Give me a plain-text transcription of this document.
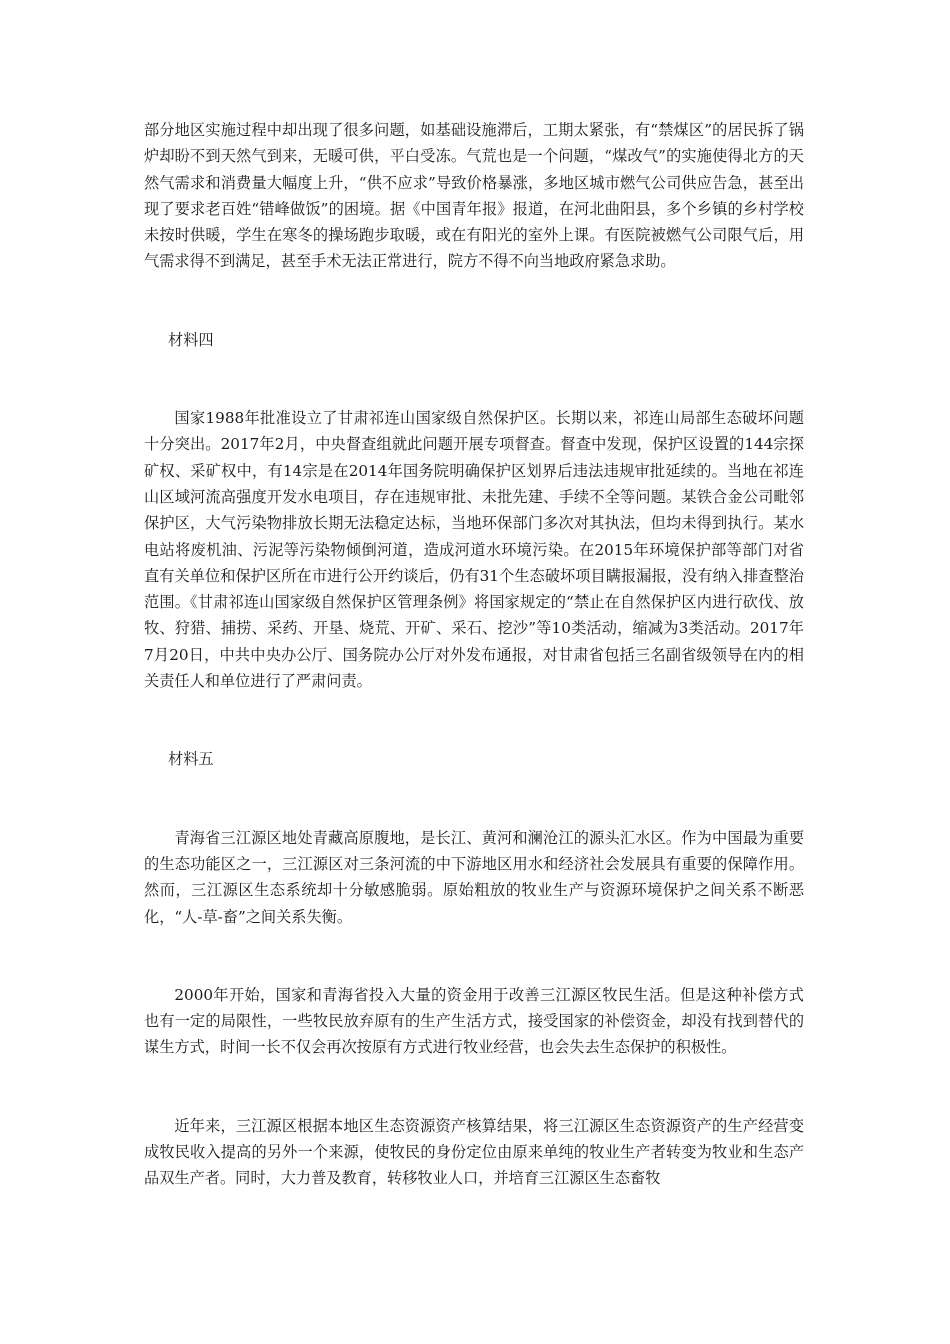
部分地区实施过程中却出现了很多问题，如基础设施滞后，工期太紧张，有“禁煤区”的居民拆了锅炉却盼不到天然气到来，无暖可供，平白受冻。气荒也是一个问题，“煤改气”的实施使得北方的天然气需求和消费量大幅度上升，“供不应求”导致价格暴涨，多地区城市燃气公司供应告急，甚至出现了要求老百姓“错峰做饭”的困境。据《中国青年报》报道，在河北曲阳县，多个乡镇的乡村学校未按时供暖，学生在寒冬的操场跑步取暖，或在有阳光的室外上课。有医院被燃气公司限气后，用气需求得不到满足，甚至手术无法正常进行，院方不得不向当地政府紧急求助。

材料四

国家1988年批准设立了甘肃祁连山国家级自然保护区。长期以来，祁连山局部生态破坏问题十分突出。2017年2月，中央督查组就此问题开展专项督查。督查中发现，保护区设置的144宗探矿权、采矿权中，有14宗是在2014年国务院明确保护区划界后违法违规审批延续的。当地在祁连山区域河流高强度开发水电项目，存在违规审批、未批先建、手续不全等问题。某铁合金公司毗邻保护区，大气污染物排放长期无法稳定达标，当地环保部门多次对其执法，但均未得到执行。某水电站将废机油、污泥等污染物倾倒河道，造成河道水环境污染。在2015年环境保护部等部门对省直有关单位和保护区所在市进行公开约谈后，仍有31个生态破坏项目瞒报漏报，没有纳入排查整治范围。《甘肃祁连山国家级自然保护区管理条例》将国家规定的“禁止在自然保护区内进行砍伐、放牧、狩猎、捕捞、采药、开垦、烧荒、开矿、采石、挖沙”等10类活动，缩减为3类活动。2017年7月20日，中共中央办公厅、国务院办公厅对外发布通报，对甘肃省包括三名副省级领导在内的相关责任人和单位进行了严肃问责。

材料五

青海省三江源区地处青藏高原腹地，是长江、黄河和澜沧江的源头汇水区。作为中国最为重要的生态功能区之一，三江源区对三条河流的中下游地区用水和经济社会发展具有重要的保障作用。然而，三江源区生态系统却十分敏感脆弱。原始粗放的牧业生产与资源环境保护之间关系不断恶化，“人-草-畜”之间关系失衡。

2000年开始，国家和青海省投入大量的资金用于改善三江源区牧民生活。但是这种补偿方式也有一定的局限性，一些牧民放弃原有的生产生活方式，接受国家的补偿资金，却没有找到替代的谋生方式，时间一长不仅会再次按原有方式进行牧业经营，也会失去生态保护的积极性。

近年来，三江源区根据本地区生态资源资产核算结果，将三江源区生态资源资产的生产经营变成牧民收入提高的另外一个来源，使牧民的身份定位由原来单纯的牧业生产者转变为牧业和生态产品双生产者。同时，大力普及教育，转移牧业人口，并培育三江源区生态畜牧
